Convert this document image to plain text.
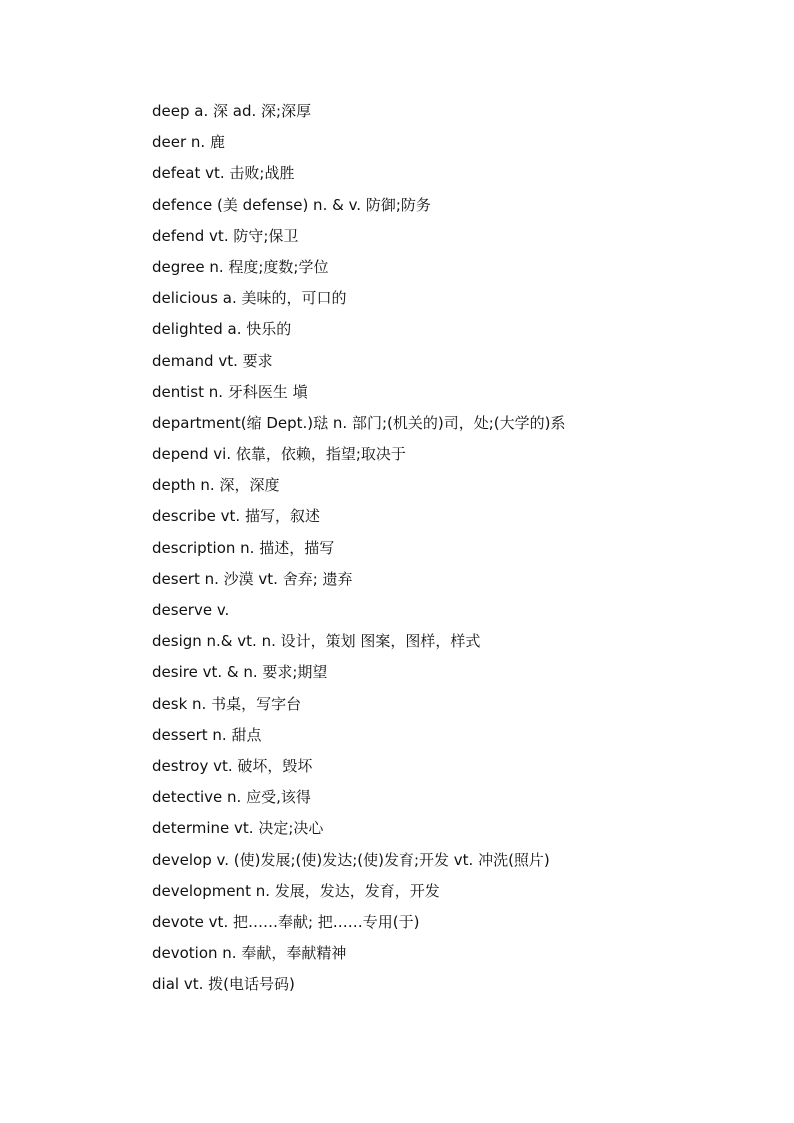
deep a. 深 ad. 深;深厚
deer n. 鹿
defeat vt. 击败;战胜
defence (美 defense) n. & v. 防御;防务
defend vt. 防守;保卫
degree n. 程度;度数;学位
delicious a. 美味的，可口的
delighted a. 快乐的
demand vt. 要求
dentist n. 牙科医生 塡
department(缩 Dept.)琺 n. 部门;(机关的)司，处;(大学的)系
depend vi. 依靠，依赖，指望;取决于
depth n. 深，深度
describe vt. 描写，叙述
description n. 描述，描写
desert n. 沙漠 vt. 舍弃; 遗弃
deserve v.
design n.& vt. n. 设计，策划 图案，图样，样式
desire vt. & n. 要求;期望
desk n. 书桌，写字台
dessert n. 甜点
destroy vt. 破坏，毁坏
detective n. 应受,该得
determine vt. 决定;决心
develop v. (使)发展;(使)发达;(使)发育;开发 vt. 冲洗(照片)
development n. 发展，发达，发育，开发
devote vt. 把……奉献; 把……专用(于)
devotion n. 奉献，奉献精神
dial vt. 拨(电话号码)
